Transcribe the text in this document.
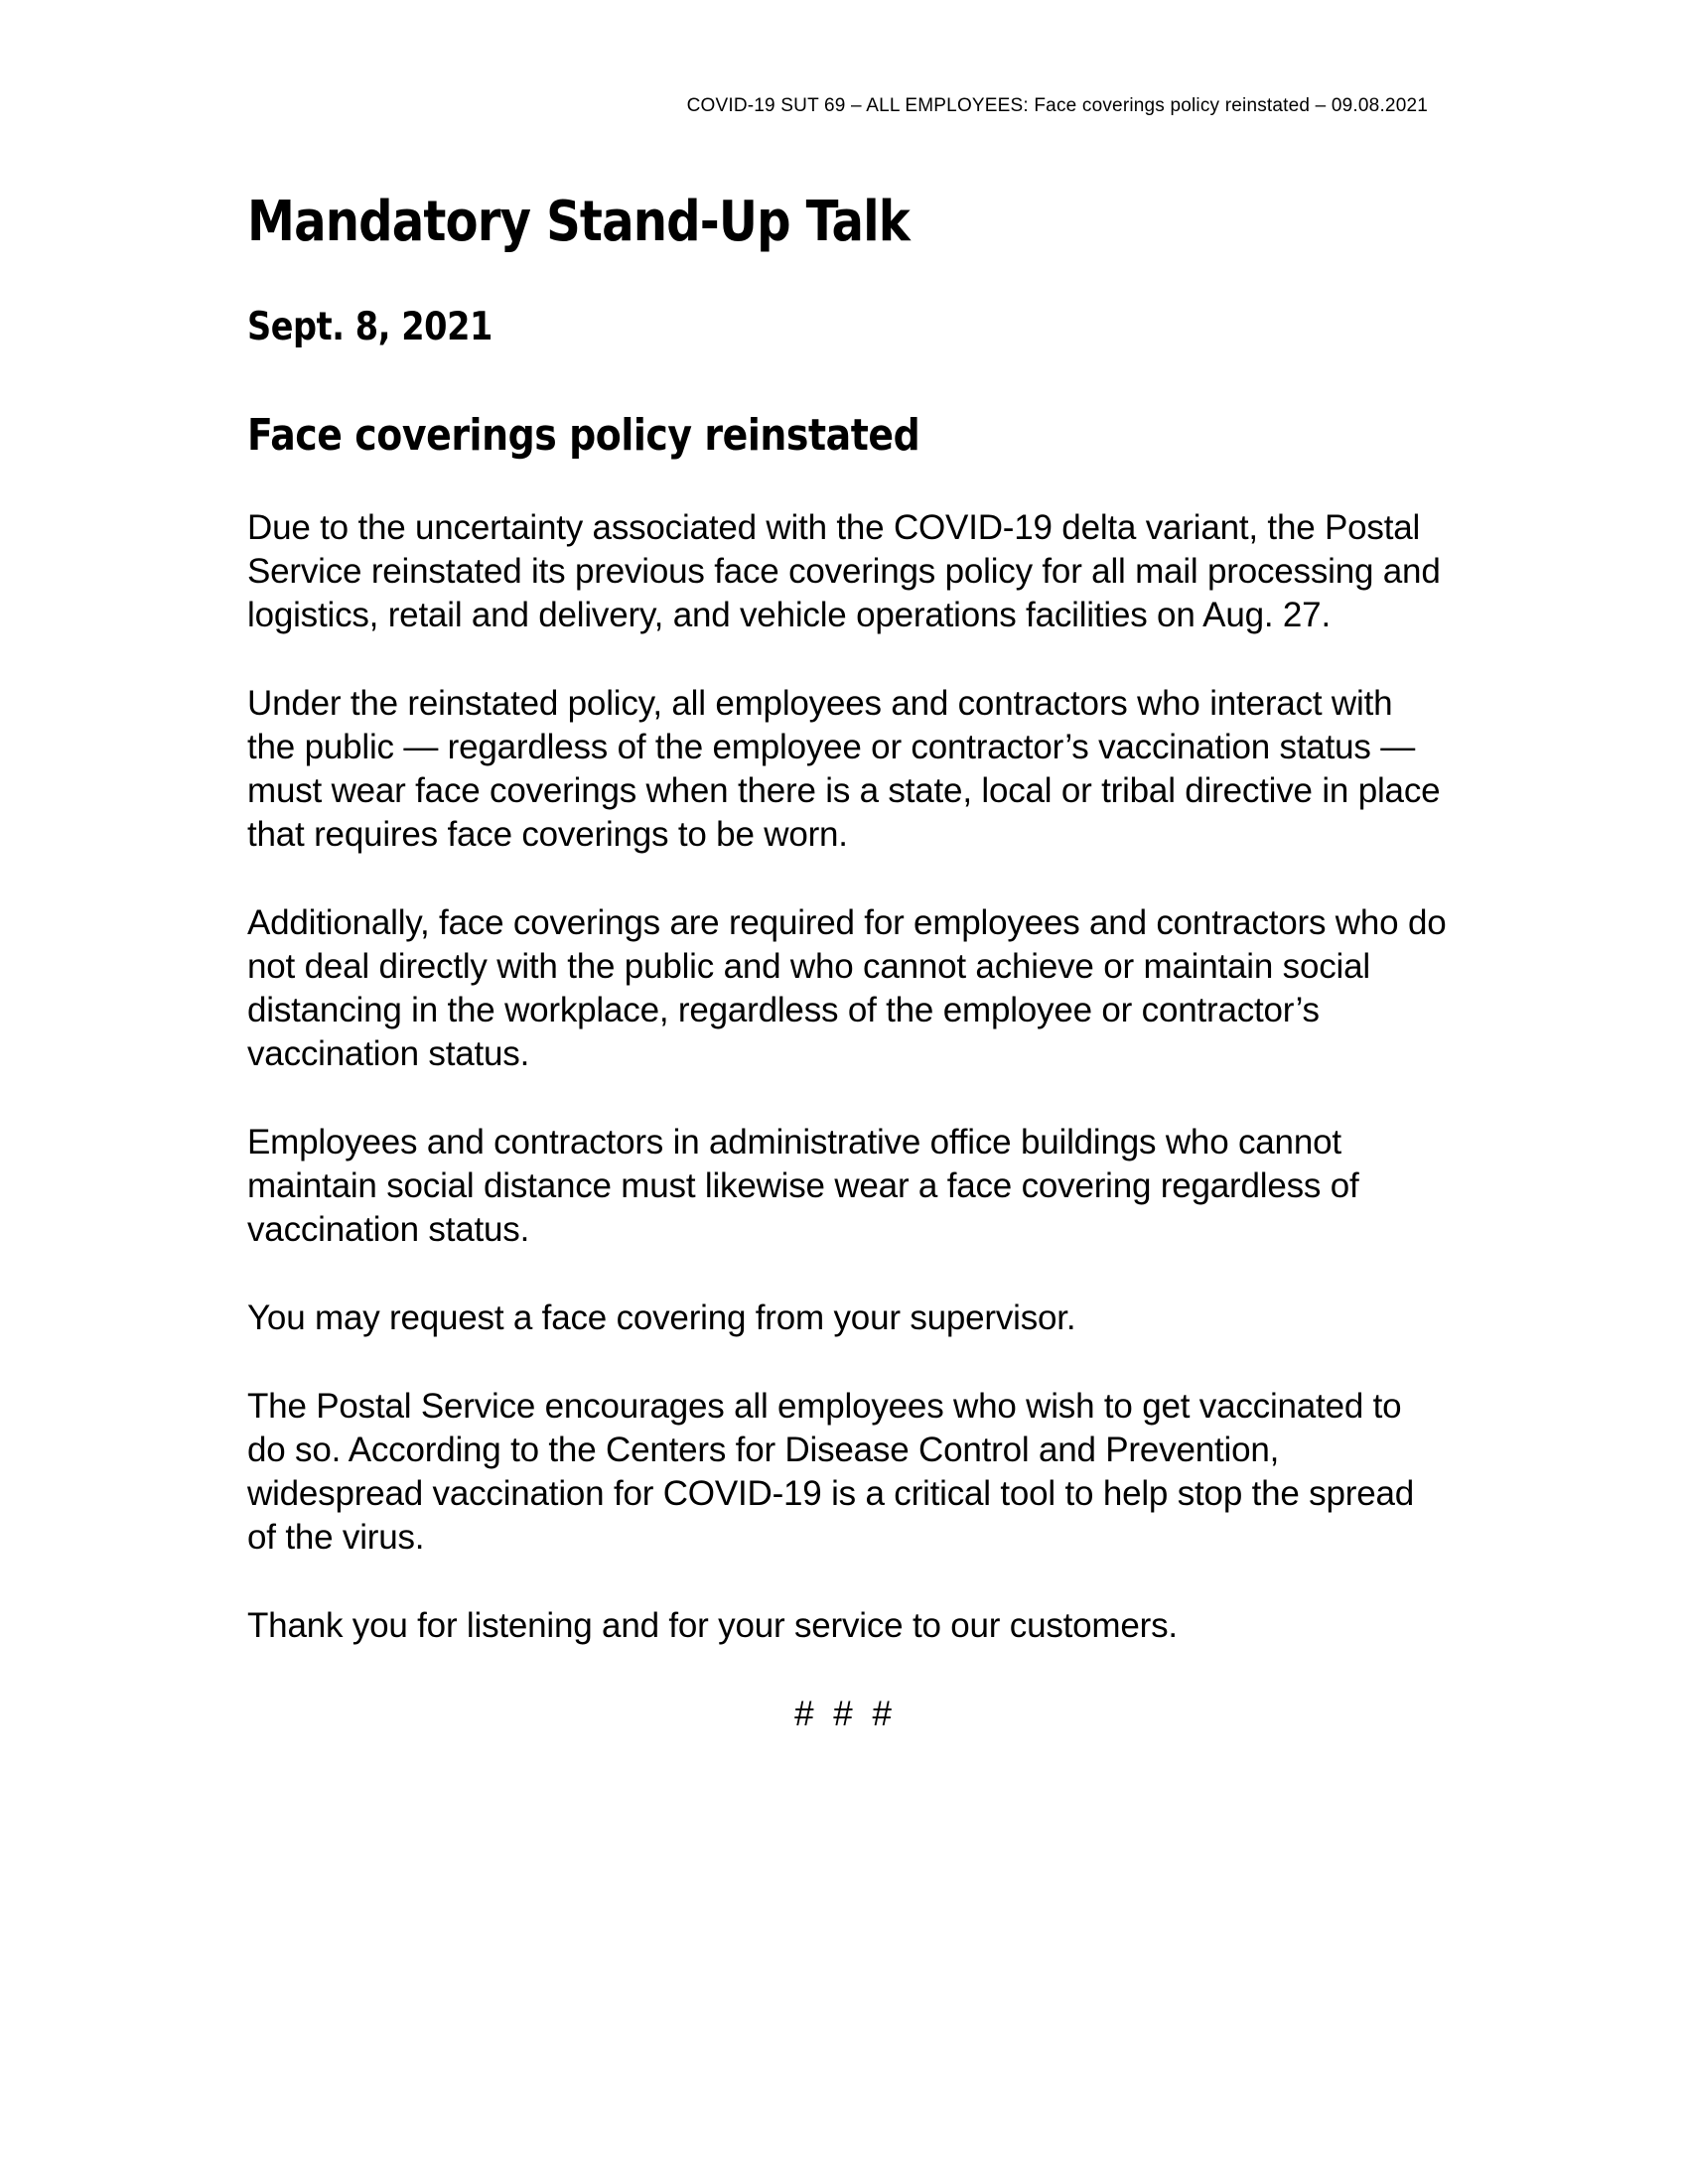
COVID-19 SUT 69 – ALL EMPLOYEES: Face coverings policy reinstated – 09.08.2021
Mandatory Stand-Up Talk
Sept. 8, 2021
Face coverings policy reinstated

Due to the uncertainty associated with the COVID-19 delta variant, the Postal Service reinstated its previous face coverings policy for all mail processing and logistics, retail and delivery, and vehicle operations facilities on Aug. 27.

Under the reinstated policy, all employees and contractors who interact with the public — regardless of the employee or contractor’s vaccination status — must wear face coverings when there is a state, local or tribal directive in place that requires face coverings to be worn.

Additionally, face coverings are required for employees and contractors who do not deal directly with the public and who cannot achieve or maintain social distancing in the workplace, regardless of the employee or contractor’s vaccination status.

Employees and contractors in administrative office buildings who cannot maintain social distance must likewise wear a face covering regardless of vaccination status.

You may request a face covering from your supervisor.

The Postal Service encourages all employees who wish to get vaccinated to do so. According to the Centers for Disease Control and Prevention, widespread vaccination for COVID-19 is a critical tool to help stop the spread of the virus.

Thank you for listening and for your service to our customers.

# # #
